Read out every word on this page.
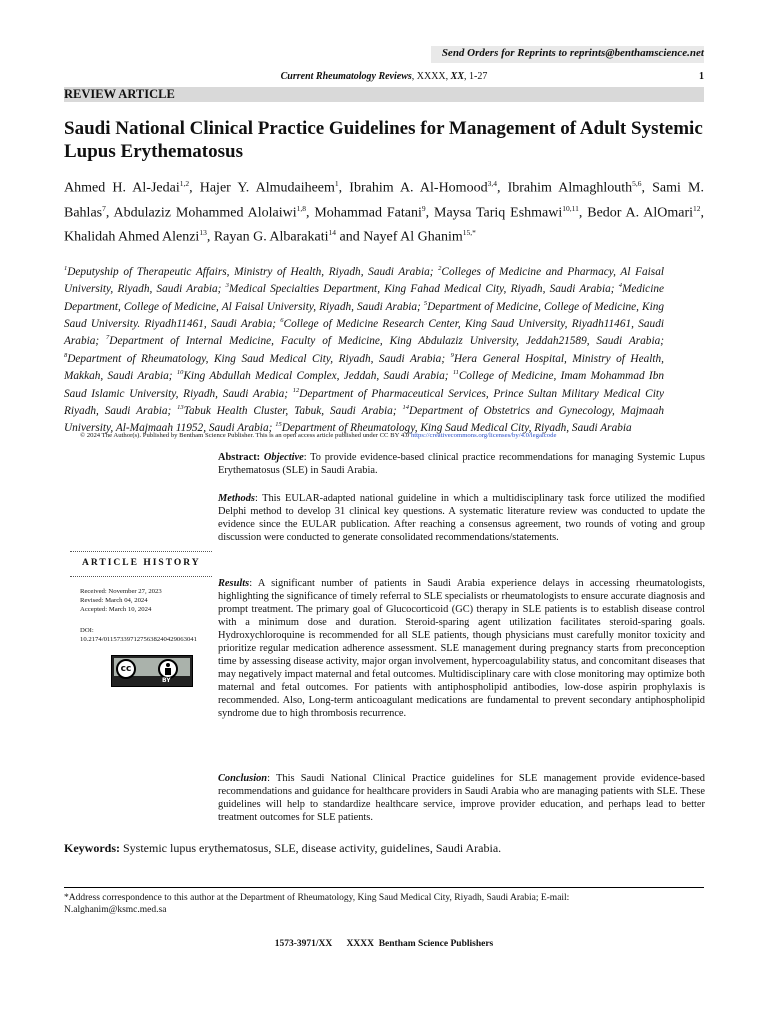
Send Orders for Reprints to reprints@benthamscience.net
Current Rheumatology Reviews, XXXX, XX, 1-27	1
REVIEW ARTICLE
Saudi National Clinical Practice Guidelines for Management of Adult Systemic Lupus Erythematosus
Ahmed H. Al-Jedai$^{1,2}$, Hajer Y. Almudaiheem$^1$, Ibrahim A. Al-Homood$^{3,4}$, Ibrahim Almaghlouth$^{5,6}$, Sami M. Bahlas$^7$, Abdulaziz Mohammed Alolaiwi$^{1,8}$, Mohammad Fatani$^9$, Maysa Tariq Eshmawi$^{10,11}$, Bedor A. AlOmari$^{12}$, Khalidah Ahmed Alenzi$^{13}$, Rayan G. Albarakati$^{14}$ and Nayef Al Ghanim$^{15,*}$
$^1$Deputyship of Therapeutic Affairs, Ministry of Health, Riyadh, Saudi Arabia; $^2$Colleges of Medicine and Pharmacy, Al Faisal University, Riyadh, Saudi Arabia; $^3$Medical Specialties Department, King Fahad Medical City, Riyadh, Saudi Arabia; $^4$Medicine Department, College of Medicine, Al Faisal University, Riyadh, Saudi Arabia; $^5$Department of Medicine, College of Medicine, King Saud University. Riyadh11461, Saudi Arabia; $^6$College of Medicine Research Center, King Saud University, Riyadh11461, Saudi Arabia; $^7$Department of Internal Medicine, Faculty of Medicine, King Abdulaziz University, Jeddah21589, Saudi Arabia; $^8$Department of Rheumatology, King Saud Medical City, Riyadh, Saudi Arabia; $^9$Hera General Hospital, Ministry of Health, Makkah, Saudi Arabia; $^{10}$King Abdullah Medical Complex, Jeddah, Saudi Arabia; $^{11}$College of Medicine, Imam Mohammad Ibn Saud Islamic University, Riyadh, Saudi Arabia; $^{12}$Department of Pharmaceutical Services, Prince Sultan Military Medical City Riyadh, Saudi Arabia; $^{13}$Tabuk Health Cluster, Tabuk, Saudi Arabia; $^{14}$Department of Obstetrics and Gynecology, Majmaah University, Al-Majmaah 11952, Saudi Arabia; $^{15}$Department of Rheumatology, King Saud Medical City, Riyadh, Saudi Arabia
© 2024 The Author(s). Published by Bentham Science Publisher. This is an open access article published under CC BY 4.0 https://creativecommons.org/licenses/by/4.0/legalcode
ARTICLE HISTORY
Received: November 27, 2023
Revised: March 04, 2024
Accepted: March 10, 2024
DOI:
10.2174/0115733971275638240429063041
cc
BY

Abstract: Objective: To provide evidence-based clinical practice recommendations for managing Systemic Lupus Erythematosus (SLE) in Saudi Arabia.

Methods: This EULAR-adapted national guideline in which a multidisciplinary task force utilized the modified Delphi method to develop 31 clinical key questions. A systematic literature review was conducted to update the evidence since the EULAR publication. After reaching a consensus agreement, two rounds of voting and group discussion were conducted to generate consolidated recommendations/statements.

Results: A significant number of patients in Saudi Arabia experience delays in accessing rheumatologists, highlighting the significance of timely referral to SLE specialists or rheumatologists to ensure accurate diagnosis and prompt treatment. The primary goal of Glucocorticoid (GC) therapy in SLE patients is to establish disease control with a minimum dose and duration. Steroid-sparing agent utilization facilitates steroid-sparing goals. Hydroxychloroquine is recommended for all SLE patients, though physicians must carefully monitor toxicity and prioritize regular medication adherence assessment. SLE management during pregnancy starts from preconception time by assessing disease activity, major organ involvement, hypercoagulability status, and concomitant diseases that may negatively impact maternal and fetal outcomes. Multidisciplinary care with close monitoring may optimize both maternal and fetal outcomes. For patients with antiphospholipid antibodies, low-dose aspirin prophylaxis is recommended. Also, Long-term anticoagulant medications are fundamental to prevent secondary antiphospholipid syndrome due to high thrombosis recurrence.

Conclusion: This Saudi National Clinical Practice guidelines for SLE management provide evidence-based recommendations and guidance for healthcare providers in Saudi Arabia who are managing patients with SLE. These guidelines will help to standardize healthcare service, improve provider education, and perhaps lead to better treatment outcomes for SLE patients.

Keywords: Systemic lupus erythematosus, SLE, disease activity, guidelines, Saudi Arabia.
*Address correspondence to this author at the Department of Rheumatology, King Saud Medical City, Riyadh, Saudi Arabia; E-mail: N.alghanim@ksmc.med.sa
1573-3971/XX XXXX  Bentham Science Publishers
